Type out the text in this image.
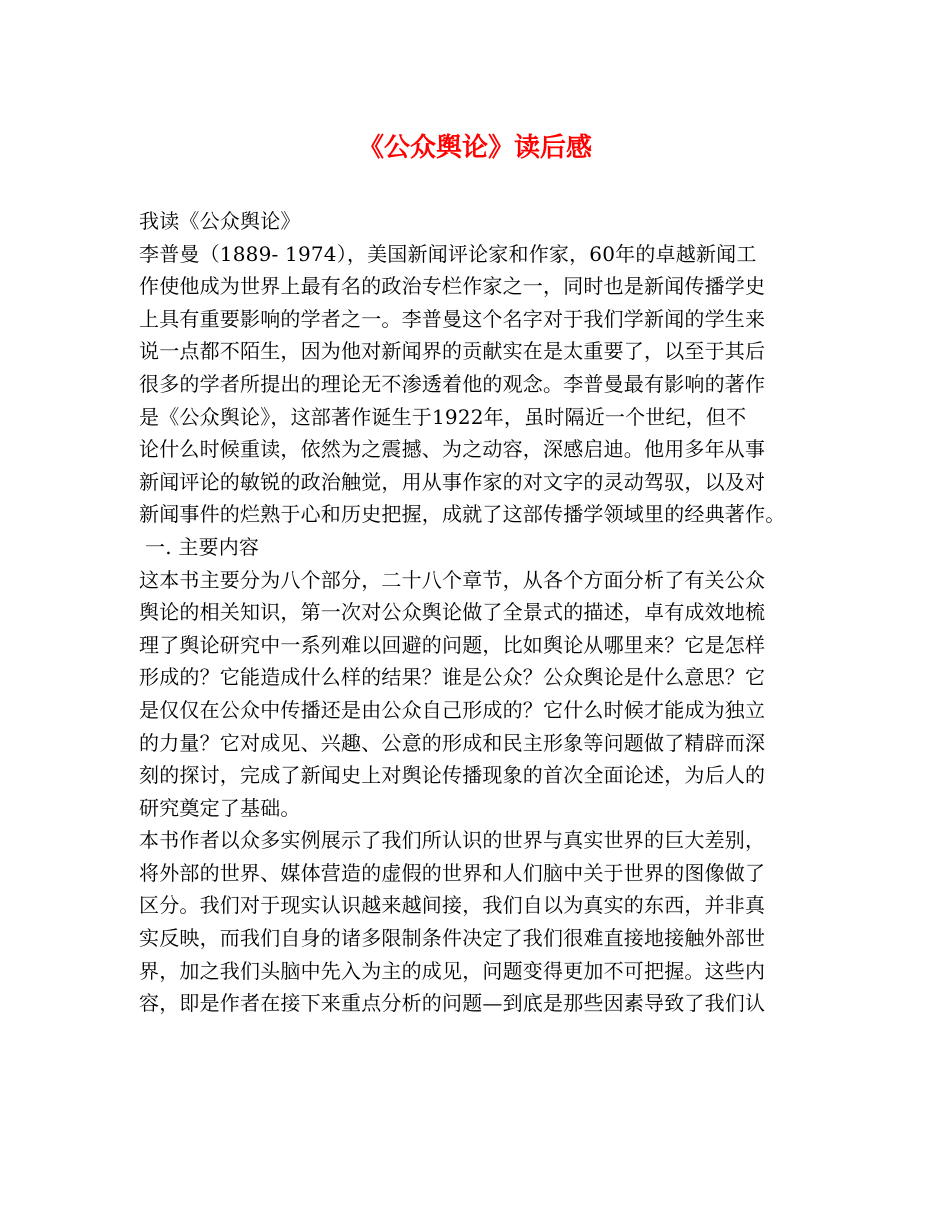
《公众舆论》读后感
我读《公众舆论》
李普曼（1889- 1974），美国新闻评论家和作家，60年的卓越新闻工
作使他成为世界上最有名的政治专栏作家之一，同时也是新闻传播学史
上具有重要影响的学者之一。李普曼这个名字对于我们学新闻的学生来
说一点都不陌生，因为他对新闻界的贡献实在是太重要了，以至于其后
很多的学者所提出的理论无不渗透着他的观念。李普曼最有影响的著作
是《公众舆论》，这部著作诞生于1922年，虽时隔近一个世纪，但不
论什么时候重读，依然为之震撼、为之动容，深感启迪。他用多年从事
新闻评论的敏锐的政治触觉，用从事作家的对文字的灵动驾驭，以及对
新闻事件的烂熟于心和历史把握，成就了这部传播学领域里的经典著作。
一. 主要内容
这本书主要分为八个部分，二十八个章节，从各个方面分析了有关公众
舆论的相关知识，第一次对公众舆论做了全景式的描述，卓有成效地梳
理了舆论研究中一系列难以回避的问题，比如舆论从哪里来？它是怎样
形成的？它能造成什么样的结果？谁是公众？公众舆论是什么意思？它
是仅仅在公众中传播还是由公众自己形成的？它什么时候才能成为独立
的力量？它对成见、兴趣、公意的形成和民主形象等问题做了精辟而深
刻的探讨，完成了新闻史上对舆论传播现象的首次全面论述，为后人的
研究奠定了基础。
本书作者以众多实例展示了我们所认识的世界与真实世界的巨大差别，
将外部的世界、媒体营造的虚假的世界和人们脑中关于世界的图像做了
区分。我们对于现实认识越来越间接，我们自以为真实的东西，并非真
实反映，而我们自身的诸多限制条件决定了我们很难直接地接触外部世
界，加之我们头脑中先入为主的成见，问题变得更加不可把握。这些内
容，即是作者在接下来重点分析的问题—到底是那些因素导致了我们认
